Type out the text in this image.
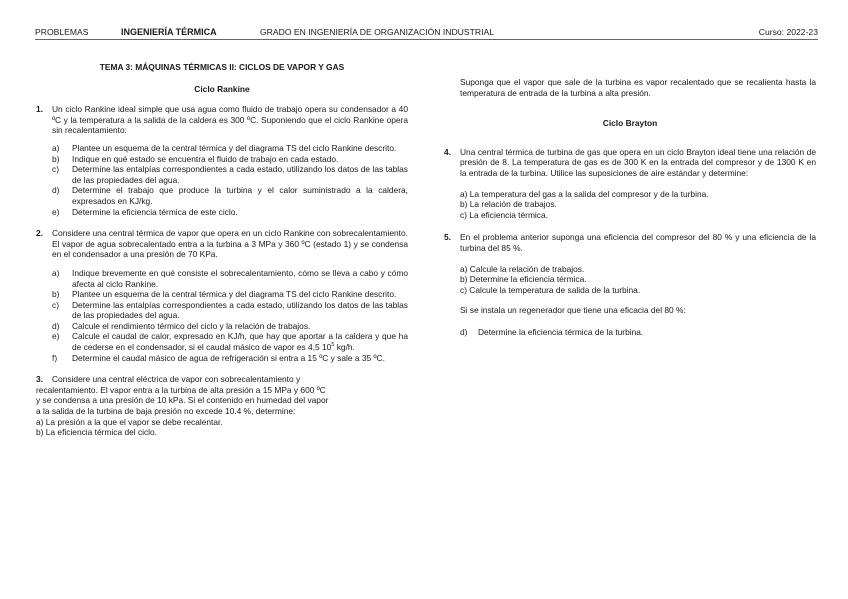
PROBLEMAS	INGENIERÍA TÉRMICA	GRADO EN INGENIERÍA DE ORGANIZACIÓN INDUSTRIAL	Curso: 2022-23
TEMA 3: MÁQUINAS TÉRMICAS II: CICLOS DE VAPOR Y GAS
Ciclo Rankine
1. Un ciclo Rankine ideal simple que usa agua como fluido de trabajo opera su condensador a 40 ºC y la temperatura a la salida de la caldera es 300 ºC. Suponiendo que el ciclo Rankine opera sin recalentamiento:
a) Plantee un esquema de la central térmica y del diagrama TS del ciclo Rankine descrito.
b) Indique en qué estado se encuentra el fluido de trabajo en cada estado.
c) Determine las entalpías correspondientes a cada estado, utilizando los datos de las tablas de las propiedades del agua.
d) Determine el trabajo que produce la turbina y el calor suministrado a la caldera, expresados en KJ/kg.
e) Determine la eficiencia térmica de este ciclo.
2. Considere una central térmica de vapor que opera en un ciclo Rankine con sobrecalentamiento. El vapor de agua sobrecalentado entra a la turbina a 3 MPa y 360 ºC (estado 1) y se condensa en el condensador a una presión de 70 KPa.
a) Indique brevemente en qué consiste el sobrecalentamiento, cómo se lleva a cabo y cómo afecta al ciclo Rankine.
b) Plantee un esquema de la central térmica y del diagrama TS del ciclo Rankine descrito.
c) Determine las entalpías correspondientes a cada estado, utilizando los datos de las tablas de las propiedades del agua.
d) Calcule el rendimiento térmico del ciclo y la relación de trabajos.
e) Calcule el caudal de calor, expresado en KJ/h, que hay que aportar a la caldera y que ha de cederse en el condensador, si el caudal másico de vapor es 4,5 $10^5$ kg/h.
f) Determine el caudal másico de agua de refrigeración si entra a 15 ºC y sale a 35 ºC.
3. Considere una central eléctrica de vapor con sobrecalentamiento y
recalentamiento. El vapor entra a la turbina de alta presión a 15 MPa y 600 ºC
y se condensa a una presión de 10 kPa. Si el contenido en humedad del vapor
a la salida de la turbina de baja presión no excede 10.4 %, determine:
a) La presión a la que el vapor se debe recalentar.
b) La eficiencia térmica del ciclo.
Suponga que el vapor que sale de la turbina es vapor recalentado que se recalienta hasta la temperatura de entrada de la turbina a alta presión.
Ciclo Brayton
4. Una central térmica de turbina de gas que opera en un ciclo Brayton ideal tiene una relación de presión de 8. La temperatura de gas es de 300 K en la entrada del compresor y de 1300 K en la entrada de la turbina. Utilice las suposiciones de aire estándar y determine:
a) La temperatura del gas a la salida del compresor y de la turbina.
b) La relación de trabajos.
c) La eficiencia térmica.
5. En el problema anterior suponga una eficiencia del compresor del 80 % y una eficiencia de la turbina del 85 %.
a) Calcule la relación de trabajos.
b) Determine la eficiencia térmica.
c) Calcule la temperatura de salida de la turbina.
Si se instala un regenerador que tiene una eficacia del 80 %:
d) Determine la eficiencia térmica de la turbina.
